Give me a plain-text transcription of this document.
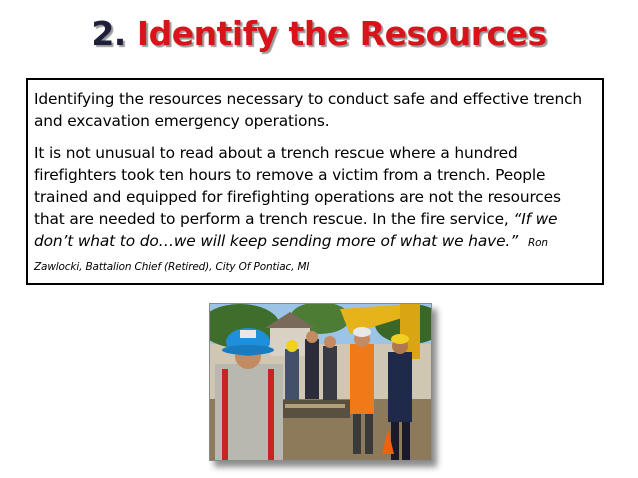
2. Identify the Resources

Identifying the resources necessary to conduct safe and effective trench and excavation emergency operations.

It is not unusual to read about a trench rescue where a hundred firefighters took ten hours to remove a victim from a trench. People trained and equipped for firefighting operations are not the resources that are needed to perform a trench rescue. In the fire service, “If we don’t what to do…we will keep sending more of what we have.” Ron Zawlocki, Battalion Chief (Retired), City Of Pontiac, MI
